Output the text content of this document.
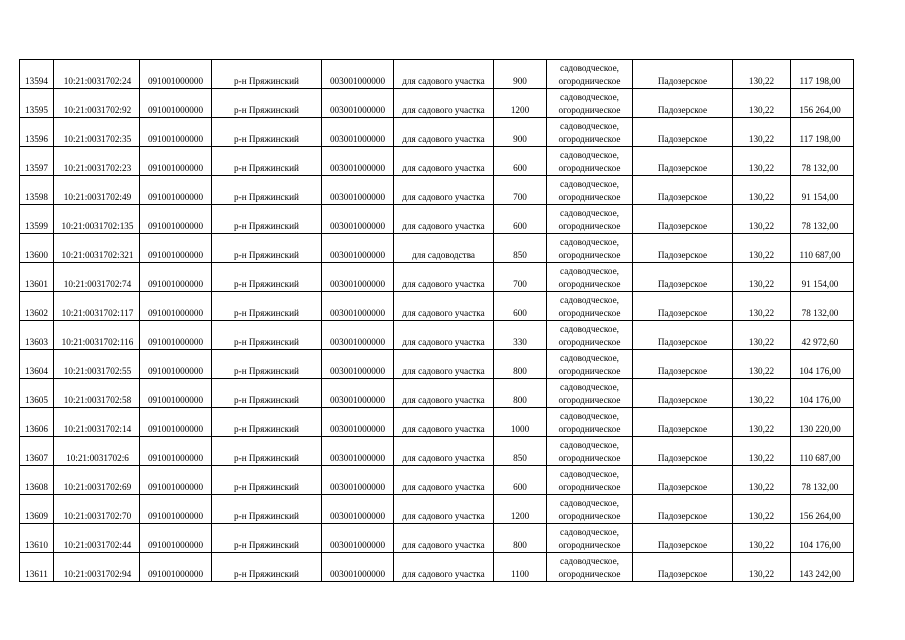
13594	10:21:0031702:24	091001000000	р-н Пряжинский	003001000000	для садового участка	900	садоводческое,
огородническое	Падозерское	130,22	117 198,00

13595	10:21:0031702:92	091001000000	р-н Пряжинский	003001000000	для садового участка	1200	садоводческое,
огородническое	Падозерское	130,22	156 264,00

13596	10:21:0031702:35	091001000000	р-н Пряжинский	003001000000	для садового участка	900	садоводческое,
огородническое	Падозерское	130,22	117 198,00

13597	10:21:0031702:23	091001000000	р-н Пряжинский	003001000000	для садового участка	600	садоводческое,
огородническое	Падозерское	130,22	78 132,00

13598	10:21:0031702:49	091001000000	р-н Пряжинский	003001000000	для садового участка	700	садоводческое,
огородническое	Падозерское	130,22	91 154,00

13599	10:21:0031702:135	091001000000	р-н Пряжинский	003001000000	для садового участка	600	садоводческое,
огородническое	Падозерское	130,22	78 132,00

13600	10:21:0031702:321	091001000000	р-н Пряжинский	003001000000	для садоводства	850	садоводческое,
огородническое	Падозерское	130,22	110 687,00

13601	10:21:0031702:74	091001000000	р-н Пряжинский	003001000000	для садового участка	700	садоводческое,
огородническое	Падозерское	130,22	91 154,00

13602	10:21:0031702:117	091001000000	р-н Пряжинский	003001000000	для садового участка	600	садоводческое,
огородническое	Падозерское	130,22	78 132,00

13603	10:21:0031702:116	091001000000	р-н Пряжинский	003001000000	для садового участка	330	садоводческое,
огородническое	Падозерское	130,22	42 972,60

13604	10:21:0031702:55	091001000000	р-н Пряжинский	003001000000	для садового участка	800	садоводческое,
огородническое	Падозерское	130,22	104 176,00

13605	10:21:0031702:58	091001000000	р-н Пряжинский	003001000000	для садового участка	800	садоводческое,
огородническое	Падозерское	130,22	104 176,00

13606	10:21:0031702:14	091001000000	р-н Пряжинский	003001000000	для садового участка	1000	садоводческое,
огородническое	Падозерское	130,22	130 220,00

13607	10:21:0031702:6	091001000000	р-н Пряжинский	003001000000	для садового участка	850	садоводческое,
огородническое	Падозерское	130,22	110 687,00

13608	10:21:0031702:69	091001000000	р-н Пряжинский	003001000000	для садового участка	600	садоводческое,
огородническое	Падозерское	130,22	78 132,00

13609	10:21:0031702:70	091001000000	р-н Пряжинский	003001000000	для садового участка	1200	садоводческое,
огородническое	Падозерское	130,22	156 264,00

13610	10:21:0031702:44	091001000000	р-н Пряжинский	003001000000	для садового участка	800	садоводческое,
огородническое	Падозерское	130,22	104 176,00

13611	10:21:0031702:94	091001000000	р-н Пряжинский	003001000000	для садового участка	1100	садоводческое,
огородническое	Падозерское	130,22	143 242,00
